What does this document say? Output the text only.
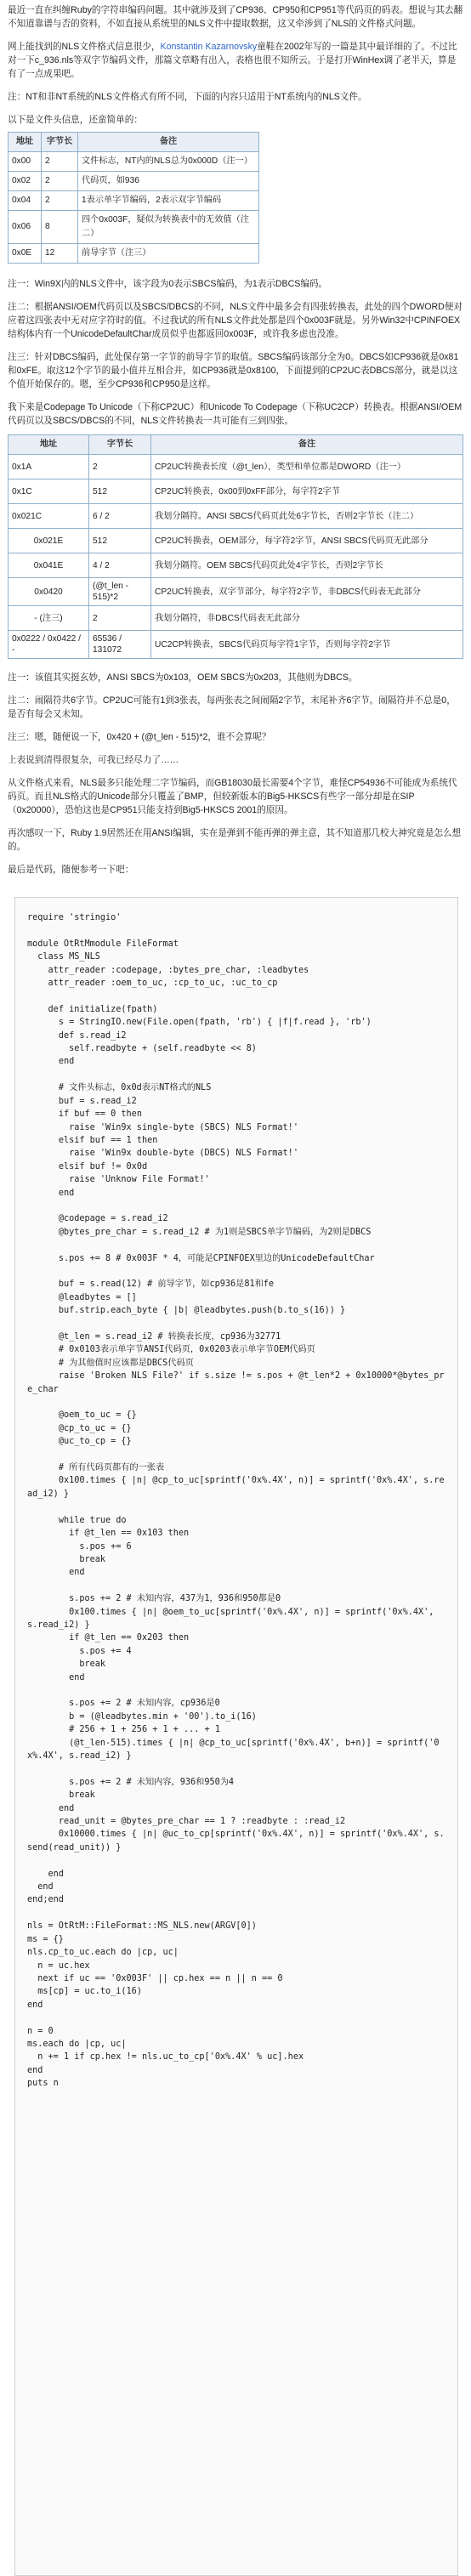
最近一直在纠缠Ruby的字符串编码问题。其中就涉及到了CP936、CP950和CP951等代码页的码表。想说与其去翻不知道靠谱与否的资料，不如直接从系统里的NLS文件中提取数据，这又牵涉到了NLS的文件格式问题。

网上能找到的NLS文件格式信息很少，Konstantin Kazarnovsky童鞋在2002年写的一篇是其中最详细的了。不过比对一下c_936.nls等双字节编码文件，那篇文章略有出入，表格也很不知所云。于是打开WinHex调了老半天，算是有了一点成果吧。

注：NT和非NT系统的NLS文件格式有所不同，下面的内容只适用于NT系统内的NLS文件。

以下是文件头信息，还蛮简单的：

地址	字节长	备注
0x00	2	文件标志，NT内的NLS总为0x000D（注一）
0x02	2	代码页，如936
0x04	2	1表示单字节编码，2表示双字节编码
0x06	8	四个0x003F，疑似为转换表中的无效值（注二）
0x0E	12	前导字节（注三）

注一：Win9X内的NLS文件中，该字段为0表示SBCS编码，为1表示DBCS编码。

注二：根据ANSI/OEM代码页以及SBCS/DBCS的不同，NLS文件中最多会有四张转换表，此处的四个DWORD便对应着这四张表中无对应字符时的值。不过我试的所有NLS文件此处都是四个0x003F就是。另外Win32中CPINFOEX结构体内有一个UnicodeDefaultChar成员似乎也都返回0x003F，或许我多虑也没准。

注三：针对DBCS编码，此处保存第一字节的前导字节的取值。SBCS编码该部分全为0。DBCS如CP936就是0x81和0xFE。取这12个字节的最小值并互相合并，如CP936就是0x8100，下面提到的CP2UC表DBCS部分，就是以这个值开始保存的。嗯，至少CP936和CP950是这样。

我下来是Codepage To Unicode（下称CP2UC）和Unicode To Codepage（下称UC2CP）转换表。根据ANSI/OEM代码页以及SBCS/DBCS的不同，NLS文件转换表一共可能有三到四张。

地址	字节长	备注
0x1A	2	CP2UC转换表长度（@t_len），类型和单位都是DWORD（注一）
0x1C	512	CP2UC转换表，0x00到0xFF部分，每字符2字节
0x021C	6 / 2	我划分隔符。ANSI SBCS代码页此处6字节长，否则2字节长（注二）
0x021E	512	CP2UC转换表，OEM部分，每字符2字节，ANSI SBCS代码页无此部分
0x041E	4 / 2	我划分隔符。OEM SBCS代码页此处4字节长，否则2字节长
0x0420	(@t_len - 515)*2	CP2UC转换表，双字节部分，每字符2字节，非DBCS代码表无此部分
- (注三)	2	我划分隔符，非DBCS代码表无此部分
0x0222 / 0x0422 / -	65536 / 131072	UC2CP转换表，SBCS代码页每字符1字节，否则每字符2字节

注一：该值其实挺玄妙，ANSI SBCS为0x103，OEM SBCS为0x203，其他则为DBCS。

注二：闹隔符共6字节。CP2UC可能有1到3张表，每两张表之间闹隔2字节，末尾补齐6字节。闹隔符并不总是0，是否有每会又未知。

注三：嗯，随便说一下，0x420 + (@t_len - 515)*2，谁不会算呢？

上表说到清得很复杂，可我已经尽力了……

从文件格式来看，NLS最多只能处理二字节编码，而GB18030最长需要4个字节，难怪CP54936不可能成为系统代码页。而且NLS格式的Unicode部分只覆盖了BMP，但较新版本的Big5-HKSCS有些字一部分却是在SIP（0x20000），恐怕这也是CP951只能支持到Big5-HKSCS 2001的原因。

再次感叹一下，Ruby 1.9居然还在用ANSI编辑，实在是弹到不能再弹的弹主意，其不知道那几校大神究竟是怎么想的。

最后是代码，随便参考一下吧：

require 'stringio'

module OtRtMmodule FileFormat
class MS_NLS
attr_reader :codepage, :bytes_pre_char, :leadbytes
attr_reader :oem_to_uc, :cp_to_uc, :uc_to_cp

def initialize(fpath)
s = StringIO.new(File.open(fpath, 'rb') { |f|f.read }, 'rb')
def s.read_i2
self.readbyte + (self.readbyte << 8)
end

# 文件头标志，0x0d表示NT格式的NLS
buf = s.read_i2
if buf == 0 then
raise 'Win9x single-byte (SBCS) NLS Format!'
elsif buf == 1 then
raise 'Win9x double-byte (DBCS) NLS Format!'
elsif buf != 0x0d
raise 'Unknow File Format!'
end

@codepage = s.read_i2
@bytes_pre_char = s.read_i2 # 为1则是SBCS单字节编码，为2则是DBCS

s.pos += 8 # 0x003F * 4，可能是CPINFOEX里边的UnicodeDefaultChar

buf = s.read(12) # 前导字节，如cp936是81和fe
@leadbytes = []
buf.strip.each_byte { |b| @leadbytes.push(b.to_s(16)) }

@t_len = s.read_i2 # 转换表长度，cp936为32771
# 0x0103表示单字节ANSI代码页，0x0203表示单字节OEM代码页
# 为其他值时应该都是DBCS代码页
raise 'Broken NLS File?' if s.size != s.pos + @t_len*2 + 0x10000*@bytes_pre_char

@oem_to_uc = {}
@cp_to_uc = {}
@uc_to_cp = {}

# 所有代码页都有的一张表
0x100.times { |n| @cp_to_uc[sprintf('0x%.4X', n)] = sprintf('0x%.4X', s.read_i2) }

while true do
if @t_len == 0x103 then
s.pos += 6
break
end

s.pos += 2 # 未知内容，437为1，936和950都是0
0x100.times { |n| @oem_to_uc[sprintf('0x%.4X', n)] = sprintf('0x%.4X', s.read_i2) }
if @t_len == 0x203 then
s.pos += 4
break
end

s.pos += 2 # 未知内容，cp936是0
b = (@leadbytes.min + '00').to_i(16)
# 256 + 1 + 256 + 1 + ... + 1
(@t_len-515).times { |n| @cp_to_uc[sprintf('0x%.4X', b+n)] = sprintf('0x%.4X', s.read_i2) }

s.pos += 2 # 未知内容，936和950为4
break
end
read_unit = @bytes_pre_char == 1 ? :readbyte : :read_i2
0x10000.times { |n| @uc_to_cp[sprintf('0x%.4X', n)] = sprintf('0x%.4X', s.send(read_unit)) }

end
end
end;end

nls = OtRtM::FileFormat::MS_NLS.new(ARGV[0])
ms = {}
nls.cp_to_uc.each do |cp, uc|
n = uc.hex
next if uc == '0x003F' || cp.hex == n || n == 0
ms[cp] = uc.to_i(16)
end

n = 0
ms.each do |cp, uc|
n += 1 if cp.hex != nls.uc_to_cp['0x%.4X' % uc].hex
end
puts n
